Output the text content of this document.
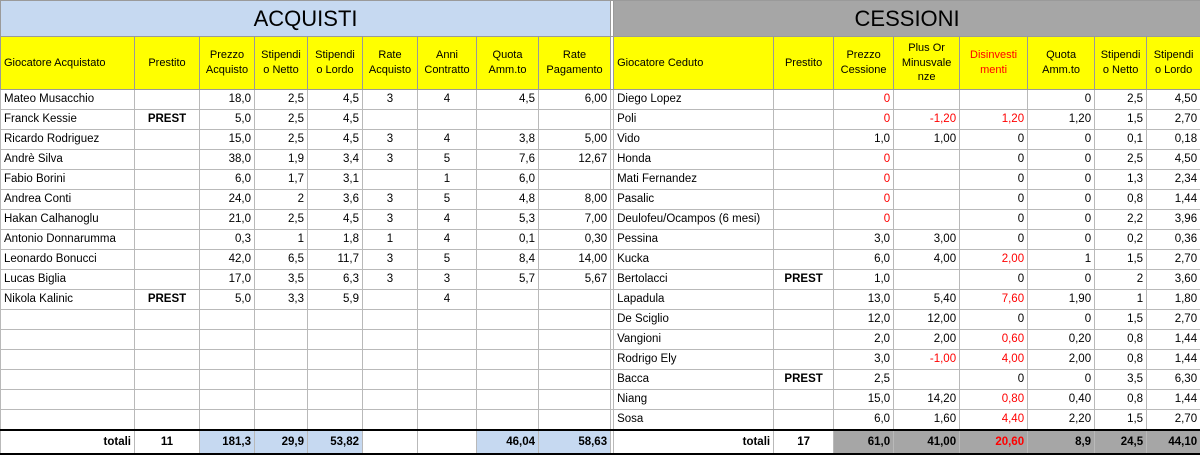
ACQUISTI										CESSIONI							
Giocatore Acquistato	Prestito	Prezzo Acquisto	Stipendi o Netto	Stipendi o Lordo	Rate Acquisto	Anni Contratto	Quota Amm.to	Rate Pagamento		Giocatore Ceduto	Prestito	Prezzo Cessione	Plus Or Minusvale nze	Disinvesti menti	Quota Amm.to	Stipendi o Netto	Stipendi o Lordo
Mateo Musacchio		18,0	2,5	4,5	3	4	4,5	6,00		Diego Lopez		0			0	2,5	4,50
Franck Kessie	PREST	5,0	2,5	4,5						Poli		0	-1,20	1,20	1,20	1,5	2,70
Ricardo Rodriguez		15,0	2,5	4,5	3	4	3,8	5,00		Vido		1,0	1,00	0	0	0,1	0,18
Andrè Silva		38,0	1,9	3,4	3	5	7,6	12,67		Honda		0		0	0	2,5	4,50
Fabio Borini		6,0	1,7	3,1		1	6,0			Mati Fernandez		0		0	0	1,3	2,34
Andrea Conti		24,0	2	3,6	3	5	4,8	8,00		Pasalic		0		0	0	0,8	1,44
Hakan Calhanoglu		21,0	2,5	4,5	3	4	5,3	7,00		Deulofeu/Ocampos (6 mesi)		0		0	0	2,2	3,96
Antonio Donnarumma		0,3	1	1,8	1	4	0,1	0,30		Pessina		3,0	3,00	0	0	0,2	0,36
Leonardo Bonucci		42,0	6,5	11,7	3	5	8,4	14,00		Kucka		6,0	4,00	2,00	1	1,5	2,70
Lucas Biglia		17,0	3,5	6,3	3	3	5,7	5,67		Bertolacci	PREST	1,0		0	0	2	3,60
Nikola Kalinic	PREST	5,0	3,3	5,9		4				Lapadula		13,0	5,40	7,60	1,90	1	1,80
										De Sciglio		12,0	12,00	0	0	1,5	2,70
										Vangioni		2,0	2,00	0,60	0,20	0,8	1,44
										Rodrigo Ely		3,0	-1,00	4,00	2,00	0,8	1,44
										Bacca	PREST	2,5		0	0	3,5	6,30
										Niang		15,0	14,20	0,80	0,40	0,8	1,44
										Sosa		6,0	1,60	4,40	2,20	1,5	2,70
totali	11	181,3	29,9	53,82			46,04	58,63		totali	17	61,0	41,00	20,60	8,9	24,5	44,10
